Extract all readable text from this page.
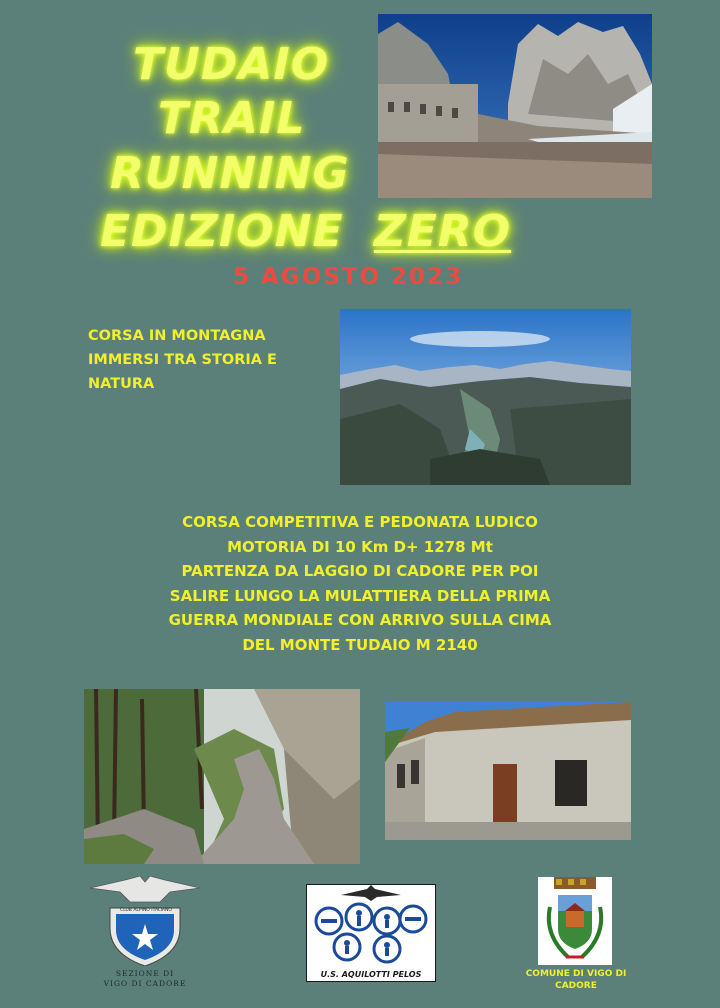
TUDAIO
TRAIL
RUNNING
EDIZIONE ZERO

5 AGOSTO 2023

CORSA IN MONTAGNA

IMMERSI TRA STORIA E

NATURA

CORSA COMPETITIVA E PEDONATA LUDICO

MOTORIA DI 10 Km D+ 1278 Mt

PARTENZA DA LAGGIO DI CADORE PER POI

SALIRE LUNGO LA MULATTIERA DELLA PRIMA

GUERRA MONDIALE CON ARRIVO SULLA CIMA

DEL MONTE TUDAIO M 2140

CLUB ALPINO ITALIANO

SEZIONE DI

VIGO DI CADORE

U.S. AQUILOTTI PELOS	COMUNE DI VIGO DI
CADORE
